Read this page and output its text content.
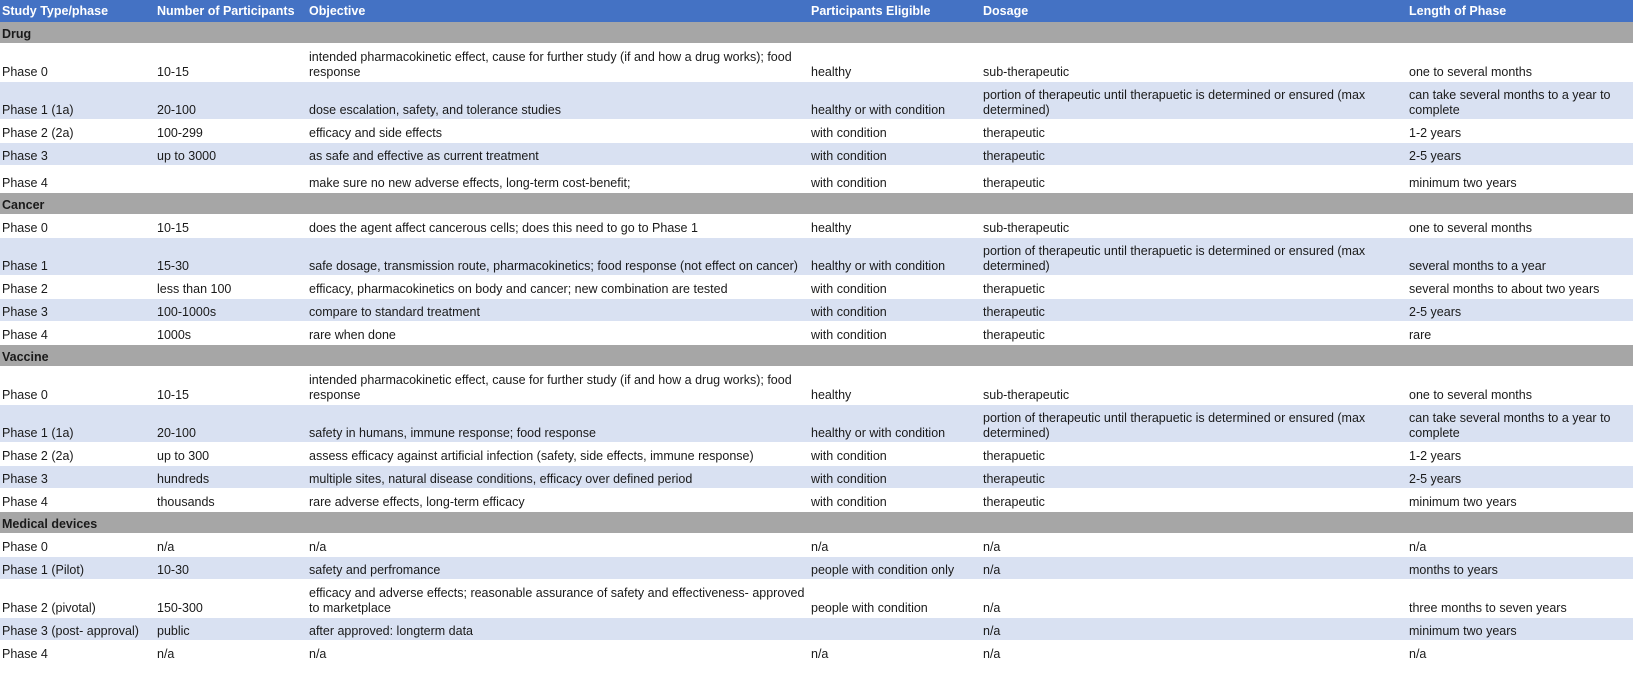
Study Type/phase	Number of Participants	Objective	Participants Eligible	Dosage	Length of Phase
Drug					
Phase 0	10-15	intended pharmacokinetic effect, cause for further study (if and how a drug works); food response	healthy	sub-therapeutic	one to several months
Phase 1 (1a)	20-100	dose escalation, safety, and tolerance studies	healthy or with condition	portion of therapeutic until therapuetic is determined or ensured (max determined)	can take several months to a year to complete
Phase 2 (2a)	100-299	efficacy and side effects	with condition	therapeutic	1-2 years
Phase 3	up to 3000	as safe and effective as current treatment	with condition	therapeutic	2-5 years
Phase 4		make sure no new adverse effects, long-term cost-benefit;	with condition	therapeutic	minimum two years
Cancer					
Phase 0	10-15	does the agent affect cancerous cells; does this need to go to Phase 1	healthy	sub-therapeutic	one to several months
Phase 1	15-30	safe dosage, transmission route, pharmacokinetics; food response (not effect on cancer)	healthy or with condition	portion of therapeutic until therapuetic is determined or ensured (max determined)	several months to a year
Phase 2	less than 100	efficacy, pharmacokinetics on body and cancer; new combination are tested	with condition	therapuetic	several months to about two years
Phase 3	100-1000s	compare to standard treatment	with condition	therapeutic	2-5 years
Phase 4	1000s	rare when done	with condition	therapeutic	rare
Vaccine					
Phase 0	10-15	intended pharmacokinetic effect, cause for further study (if and how a drug works); food response	healthy	sub-therapeutic	one to several months
Phase 1 (1a)	20-100	safety in humans, immune response; food response	healthy or with condition	portion of therapeutic until therapuetic is determined or ensured (max determined)	can take several months to a year to complete
Phase 2 (2a)	up to 300	assess efficacy against artificial infection (safety, side effects, immune response)	with condition	therapuetic	1-2 years
Phase 3	hundreds	multiple sites, natural disease conditions, efficacy over defined period	with condition	therapeutic	2-5 years
Phase 4	thousands	rare adverse effects, long-term efficacy	with condition	therapeutic	minimum two years
Medical devices					
Phase 0	n/a	n/a	n/a	n/a	n/a
Phase 1 (Pilot)	10-30	safety and perfromance	people with condition only	n/a	months to years
Phase 2 (pivotal)	150-300	efficacy and adverse effects; reasonable assurance of safety and effectiveness- approved to marketplace	people with condition	n/a	three months to seven years
Phase 3 (post- approval)	public	after approved: longterm data		n/a	minimum two years
Phase 4	n/a	n/a	n/a	n/a	n/a
